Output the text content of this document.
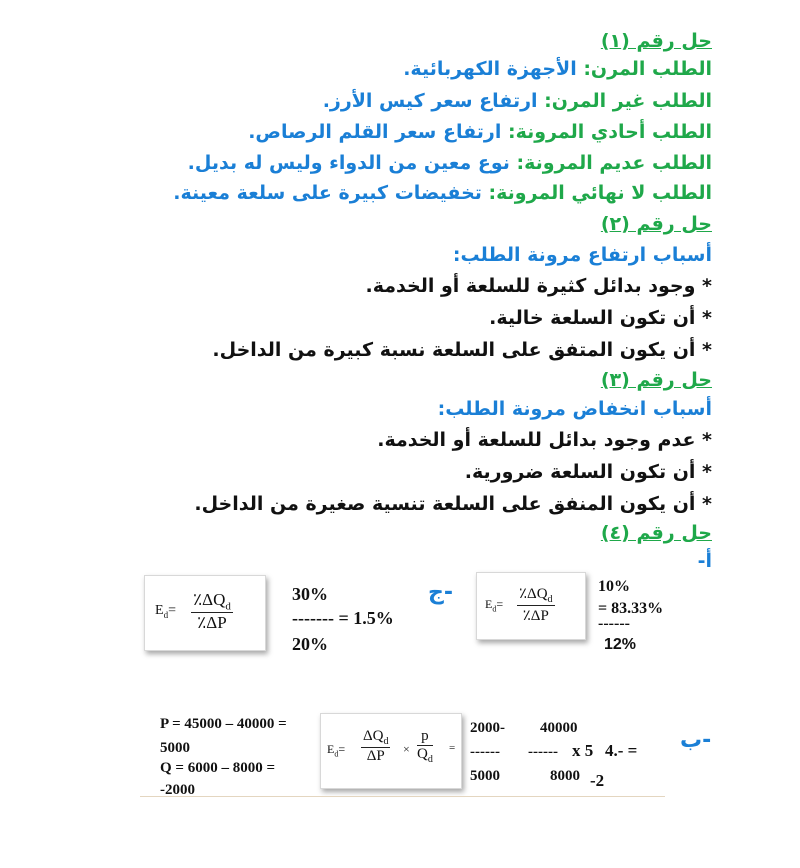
حل رقم (١)
الطلب المرن: الأجهزة الكهربائية.
الطلب غير المرن: ارتفاع سعر كيس الأرز.
الطلب أحادي المرونة: ارتفاع سعر القلم الرصاص.
الطلب عديم المرونة: نوع معين من الدواء وليس له بديل.
الطلب لا نهائي المرونة: تخفيضات كبيرة على سلعة معينة.
حل رقم (٢)
أسباب ارتفاع مرونة الطلب:
* وجود بدائل كثيرة للسلعة أو الخدمة.
* أن تكون السلعة خالية.
* أن يكون المتفق على السلعة نسبة كبيرة من الداخل.
حل رقم (٣)
أسباب انخفاض مرونة الطلب:
* عدم وجود بدائل للسلعة أو الخدمة.
* أن تكون السلعة ضرورية.
* أن يكون المنفق على السلعة تنسية صغيرة من الداخل.
حل رقم (٤)
أ-
$E_d=$
$٪\Delta Q_d$
٪ΔP
30%
------- = 1.5%
20%
ج-	$E_d=$
$٪\Delta Q_d$
٪ΔP
10%
= 83.33%
------
12%
P = 45000 – 40000 =
5000
Q = 6000 – 8000 =
-2000
$E_d=$
$\Delta Q_d$
ΔP	× $\frac{p}{Q_d}$ =
2000- 40000
------ ------ x 5 4.- =
5000	8000 -2
ب-
